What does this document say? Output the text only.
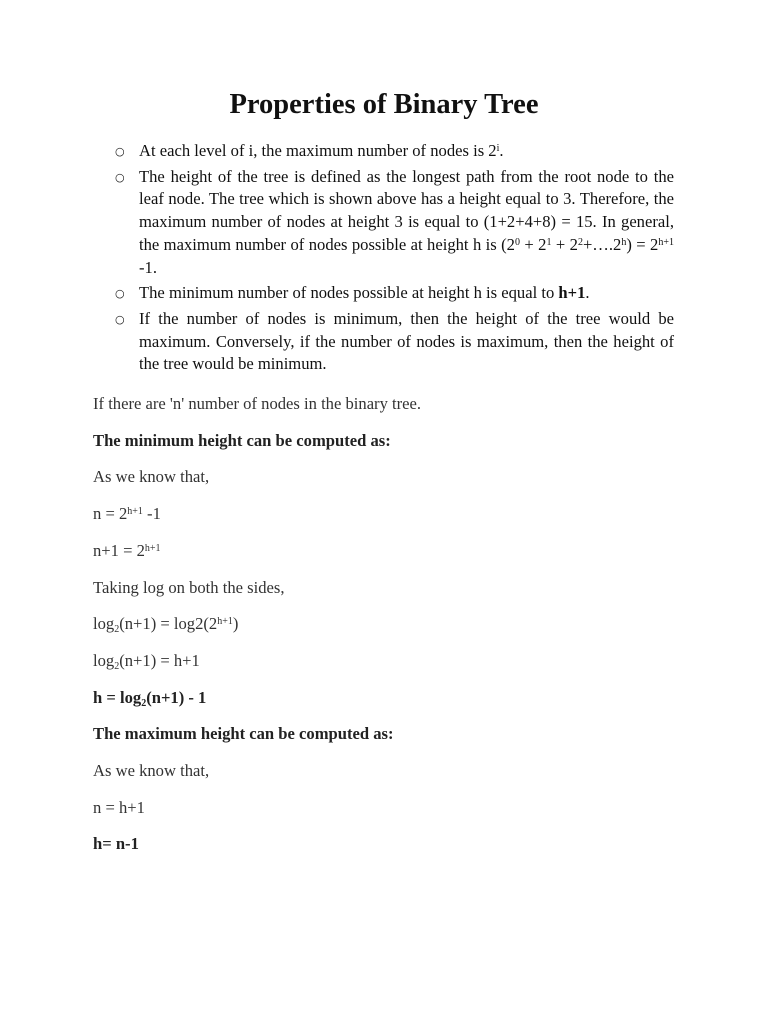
Properties of Binary Tree
○ At each level of i, the maximum number of nodes is 2$^i$.
○ The height of the tree is defined as the longest path from the root node to the leaf node. The tree which is shown above has a height equal to 3. Therefore, the maximum number of nodes at height 3 is equal to (1+2+4+8) = 15. In general, the maximum number of nodes possible at height h is ($2^0 + 2^1$ + $2^2+\dots.2^h) = 2^{h+1}$ -1.
○ The minimum number of nodes possible at height h is equal to h+1.
○ If the number of nodes is minimum, then the height of the tree would be maximum. Conversely, if the number of nodes is maximum, then the height of the tree would be minimum.

If there are 'n' number of nodes in the binary tree.

The minimum height can be computed as:

As we know that,

$n = 2^{h+1}$ -1

$n+1 = 2^{h+1}$

Taking log on both the sides,

$\log_2(n+1) = \log 2(2^{h+1})$

$\log_2(n+1) = h+1$

$h = \log_2(n+1) - 1$

The maximum height can be computed as:

As we know that,

n = h+1

h= n-1
